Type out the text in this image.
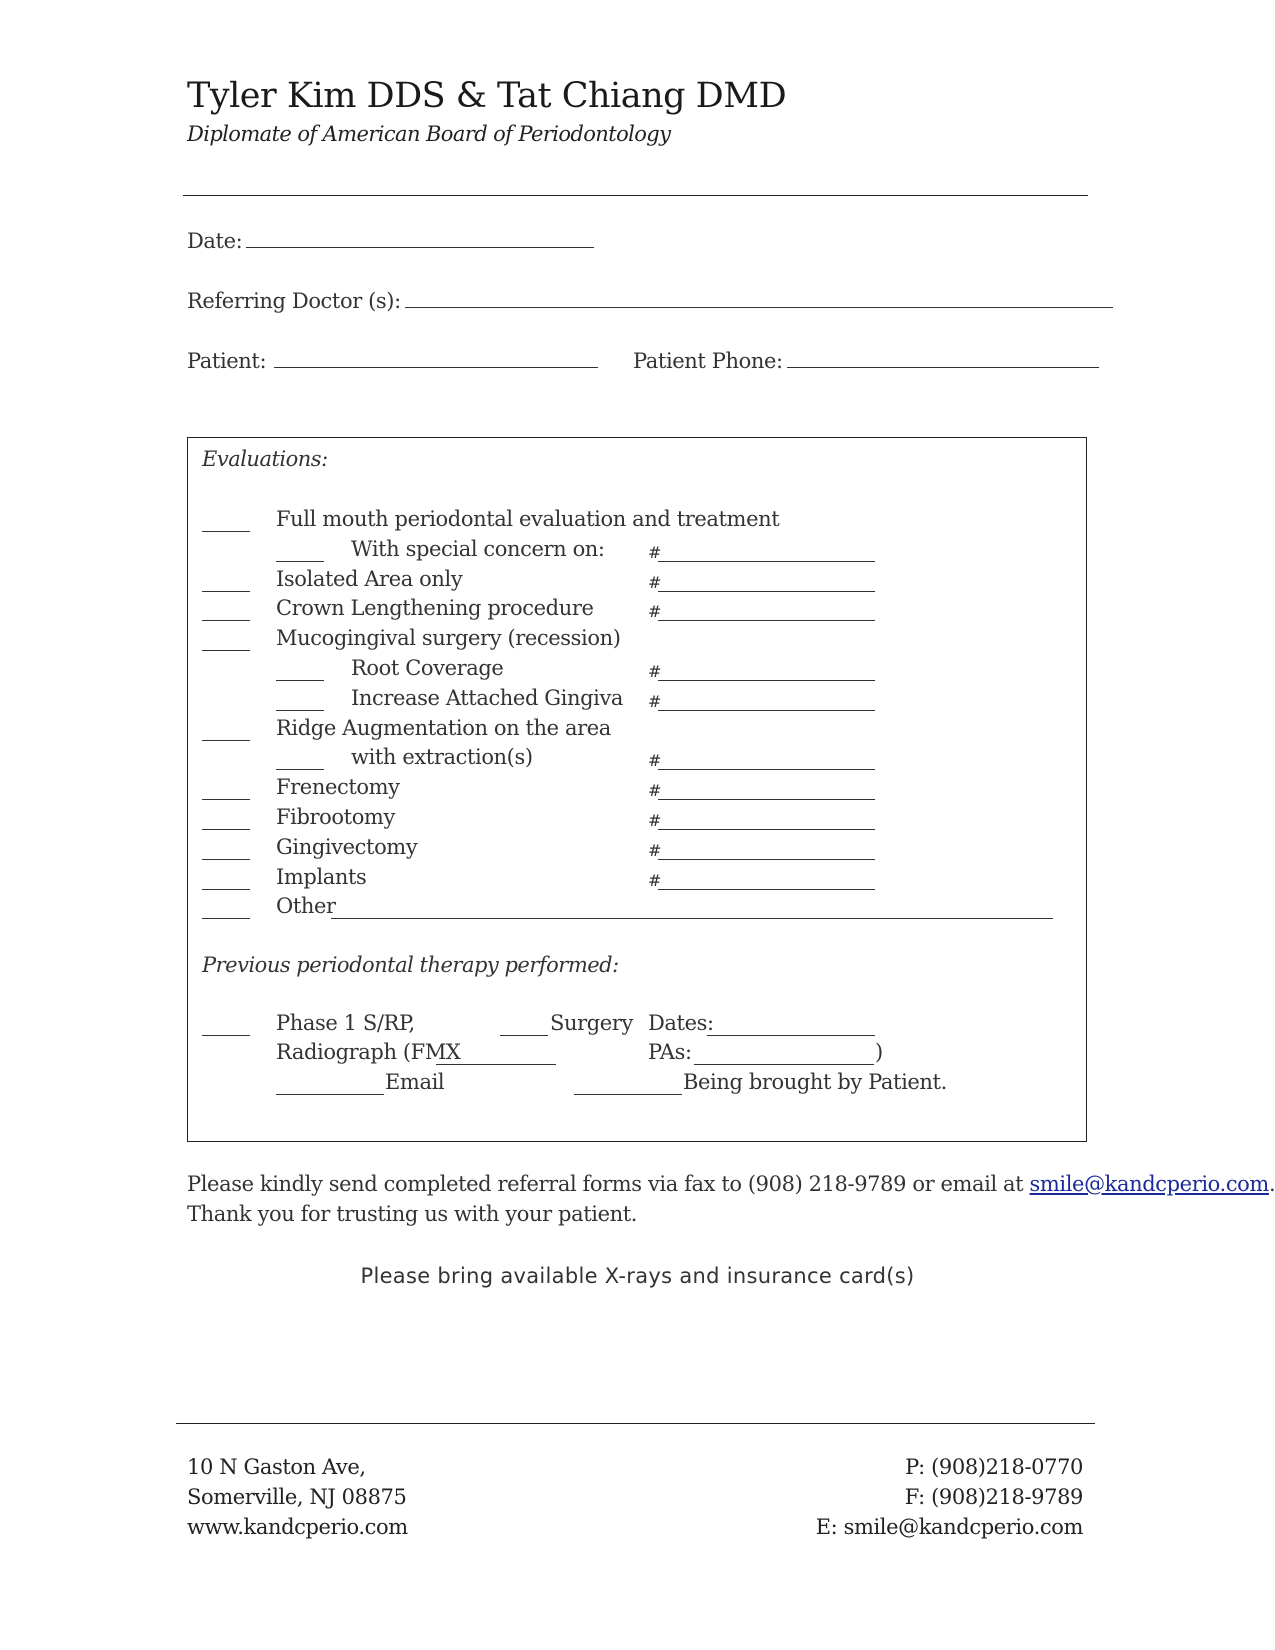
Tyler Kim DDS & Tat Chiang DMD
Diplomate of American Board of Periodontology
Date:
Referring Doctor (s):
Patient:	Patient Phone:
Evaluations:
Full mouth periodontal evaluation and treatment
With special concern on:	#
Isolated Area only	#
Crown Lengthening procedure	#
Mucogingival surgery (recession)
Root Coverage	#
Increase Attached Gingiva #
Ridge Augmentation on the area
with extraction(s)	#
Frenectomy	#
Fibrootomy	#
Gingivectomy	#
Implants	#
Other
Previous periodontal therapy performed:
Phase 1 S/RP,	Surgery Dates:
Radiograph (FMX	PAs:	)
Email	Being brought by Patient.
Please kindly send completed referral forms via fax to (908) 218-9789 or email at smile@kandcperio.com.
Thank you for trusting us with your patient.
Please bring available X-rays and insurance card(s)
10 N Gaston Ave,
Somerville, NJ 08875
www.kandcperio.com
P: (908)218-0770
F: (908)218-9789
E: smile@kandcperio.com
